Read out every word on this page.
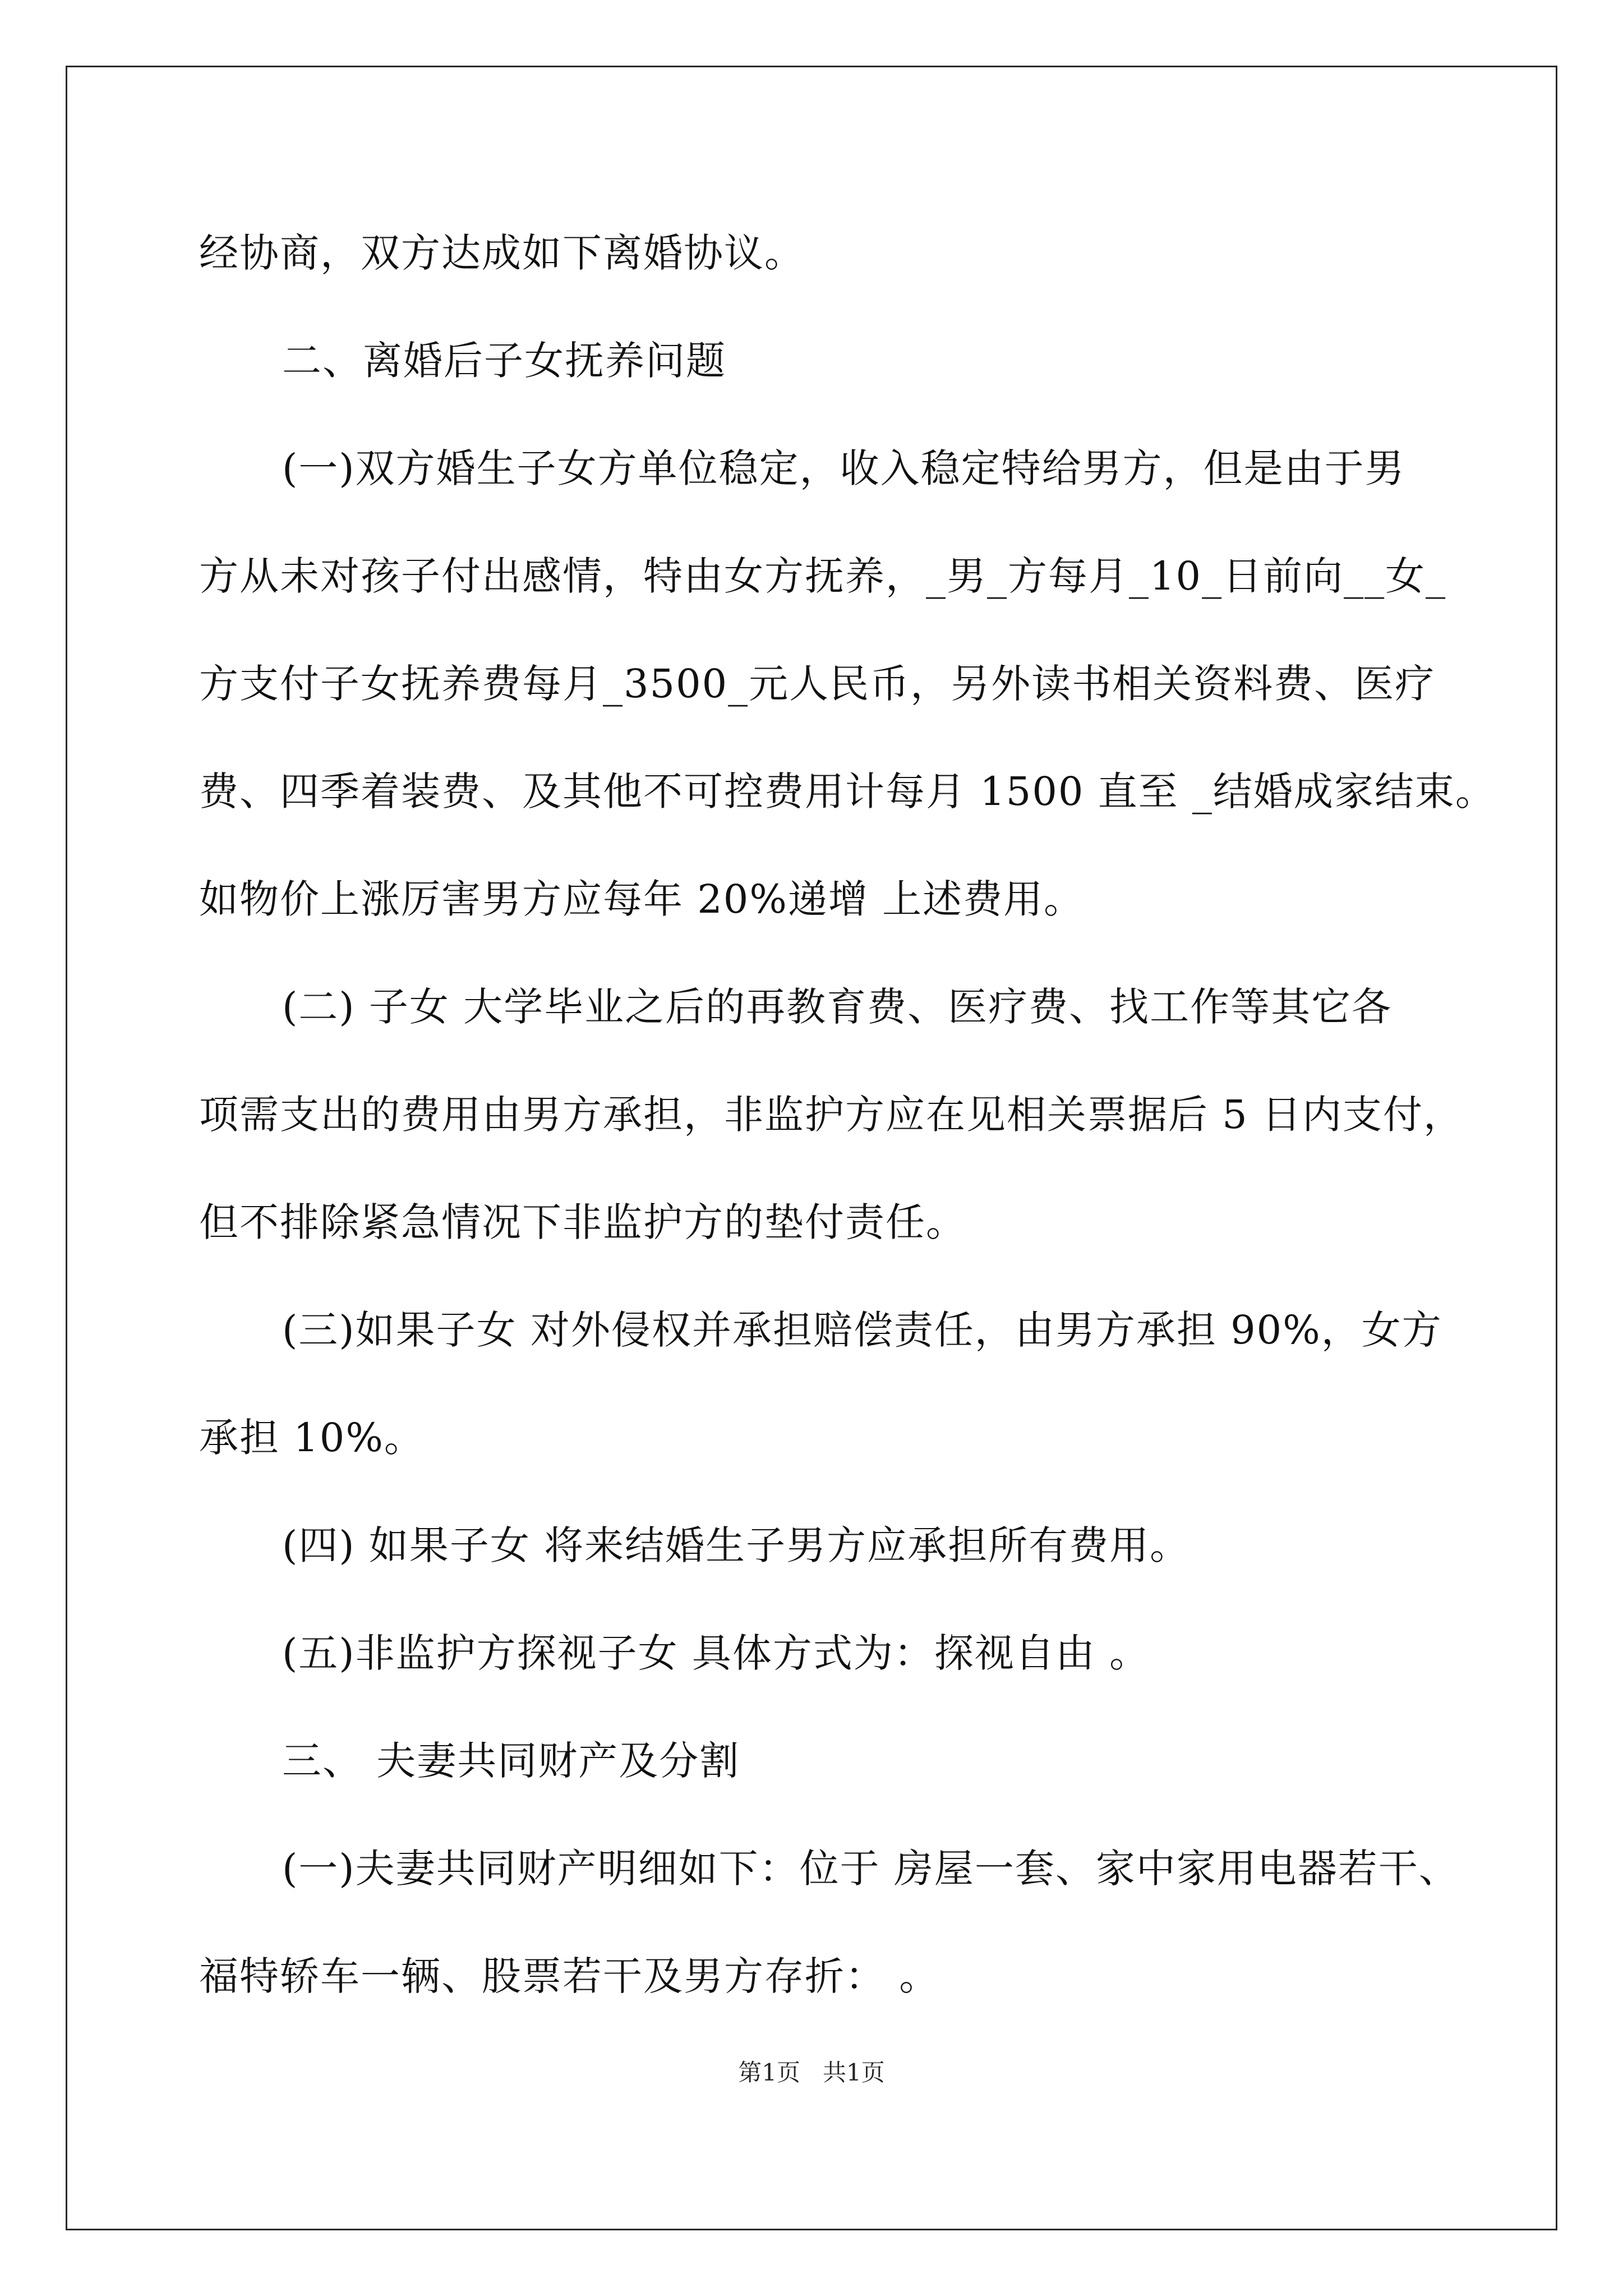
经协商，双方达成如下离婚协议。
二、离婚后子女抚养问题
(一)双方婚生子女方单位稳定，收入稳定特给男方，但是由于男
方从未对孩子付出感情，特由女方抚养，_男_方每月_10_日前向__女_
方支付子女抚养费每月_3500_元人民币，另外读书相关资料费、医疗
费、四季着装费、及其他不可控费用计每月 1500 直至 _结婚成家结束。
如物价上涨厉害男方应每年 20%递增 上述费用。
(二) 子女 大学毕业之后的再教育费、医疗费、找工作等其它各
项需支出的费用由男方承担，非监护方应在见相关票据后 5 日内支付，
但不排除紧急情况下非监护方的垫付责任。
(三)如果子女 对外侵权并承担赔偿责任，由男方承担 90%，女方
承担 10%。
(四) 如果子女 将来结婚生子男方应承担所有费用。
(五)非监护方探视子女 具体方式为：探视自由 。
三、 夫妻共同财产及分割
(一)夫妻共同财产明细如下：位于 房屋一套、家中家用电器若干、
福特轿车一辆、股票若干及男方存折： 。
第1页   共1页
